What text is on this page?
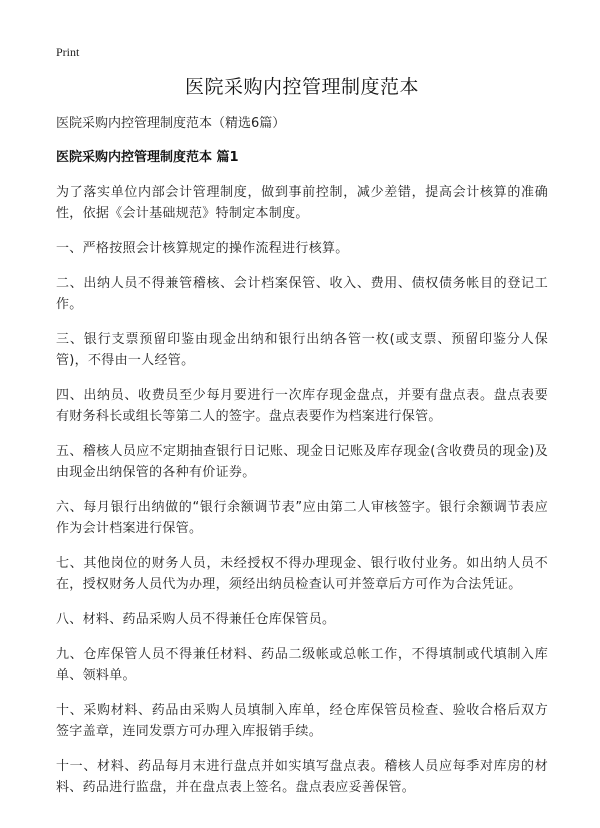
Print
医院采购内控管理制度范本

医院采购内控管理制度范本（精选6篇）

医院采购内控管理制度范本 篇1

为了落实单位内部会计管理制度，做到事前控制，减少差错，提高会计核算的准确性，依据《会计基础规范》特制定本制度。

一、严格按照会计核算规定的操作流程进行核算。

二、出纳人员不得兼管稽核、会计档案保管、收入、费用、债权债务帐目的登记工作。

三、银行支票预留印鉴由现金出纳和银行出纳各管一枚(或支票、预留印鉴分人保管)，不得由一人经管。

四、出纳员、收费员至少每月要进行一次库存现金盘点，并要有盘点表。盘点表要有财务科长或组长等第二人的签字。盘点表要作为档案进行保管。

五、稽核人员应不定期抽查银行日记账、现金日记账及库存现金(含收费员的现金)及由现金出纳保管的各种有价证券。

六、每月银行出纳做的“银行余额调节表”应由第二人审核签字。银行余额调节表应作为会计档案进行保管。

七、其他岗位的财务人员，未经授权不得办理现金、银行收付业务。如出纳人员不在，授权财务人员代为办理，须经出纳员检查认可并签章后方可作为合法凭证。

八、材料、药品采购人员不得兼任仓库保管员。

九、仓库保管人员不得兼任材料、药品二级帐或总帐工作，不得填制或代填制入库单、领料单。

十、采购材料、药品由采购人员填制入库单，经仓库保管员检查、验收合格后双方签字盖章，连同发票方可办理入库报销手续。

十一、材料、药品每月末进行盘点并如实填写盘点表。稽核人员应每季对库房的材料、药品进行监盘，并在盘点表上签名。盘点表应妥善保管。
